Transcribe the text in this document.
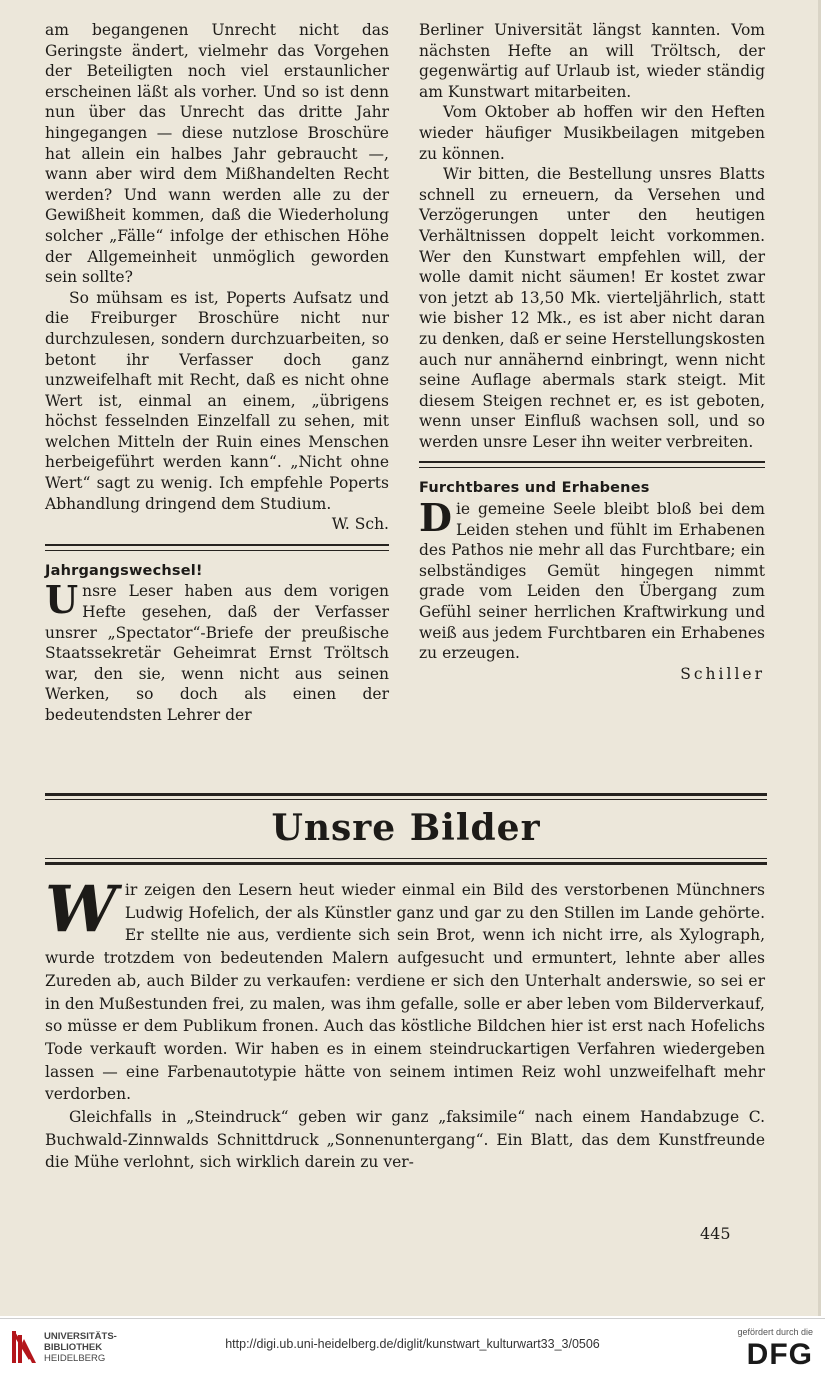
am begangenen Unrecht nicht das Geringste ändert, vielmehr das Vorgehen der Beteiligten noch viel erstaunlicher erscheinen läßt als vorher. Und so ist denn nun über das Unrecht das dritte Jahr hingegangen — diese nutzlose Broschüre hat allein ein halbes Jahr gebraucht —, wann aber wird dem Mißhandelten Recht werden? Und wann werden alle zu der Gewißheit kommen, daß die Wiederholung solcher „Fälle“ infolge der ethischen Höhe der Allgemeinheit unmöglich geworden sein sollte?

So mühsam es ist, Poperts Aufsatz und die Freiburger Broschüre nicht nur durchzulesen, sondern durchzuarbeiten, so betont ihr Verfasser doch ganz unzweifelhaft mit Recht, daß es nicht ohne Wert ist, einmal an einem, „übrigens höchst fesselnden Einzelfall zu sehen, mit welchen Mitteln der Ruin eines Menschen herbeigeführt werden kann“. „Nicht ohne Wert“ sagt zu wenig. Ich empfehle Poperts Abhandlung dringend dem Studium.

W. Sch.

Jahrgangswechsel!

Unsre Leser haben aus dem vorigen Hefte gesehen, daß der Verfasser unsrer „Spectator“-Briefe der preußische Staatssekretär Geheimrat Ernst Tröltsch war, den sie, wenn nicht aus seinen Werken, so doch als einen der bedeutendsten Lehrer der

Berliner Universität längst kannten. Vom nächsten Hefte an will Tröltsch, der gegenwärtig auf Urlaub ist, wieder ständig am Kunstwart mitarbeiten.

Vom Oktober ab hoffen wir den Heften wieder häufiger Musikbeilagen mitgeben zu können.

Wir bitten, die Bestellung unsres Blatts schnell zu erneuern, da Versehen und Verzögerungen unter den heutigen Verhältnissen doppelt leicht vorkommen. Wer den Kunstwart empfehlen will, der wolle damit nicht säumen! Er kostet zwar von jetzt ab 13,50 Mk. vierteljährlich, statt wie bisher 12 Mk., es ist aber nicht daran zu denken, daß er seine Herstellungskosten auch nur annähernd einbringt, wenn nicht seine Auflage abermals stark steigt. Mit diesem Steigen rechnet er, es ist geboten, wenn unser Einfluß wachsen soll, und so werden unsre Leser ihn weiter verbreiten.

Furchtbares und Erhabenes

Die gemeine Seele bleibt bloß bei dem Leiden stehen und fühlt im Erhabenen des Pathos nie mehr all das Furchtbare; ein selbständiges Gemüt hingegen nimmt grade vom Leiden den Übergang zum Gefühl seiner herrlichen Kraftwirkung und weiß aus jedem Furchtbaren ein Erhabenes zu erzeugen.

Schiller

Unsre Bilder

Wir zeigen den Lesern heut wieder einmal ein Bild des verstorbenen Münchners Ludwig Hofelich, der als Künstler ganz und gar zu den Stillen im Lande gehörte. Er stellte nie aus, verdiente sich sein Brot, wenn ich nicht irre, als Xylograph, wurde trotzdem von bedeutenden Malern aufgesucht und ermuntert, lehnte aber alles Zureden ab, auch Bilder zu verkaufen: verdiene er sich den Unterhalt anderswie, so sei er in den Mußestunden frei, zu malen, was ihm gefalle, solle er aber leben vom Bilderverkauf, so müsse er dem Publikum fronen. Auch das köstliche Bildchen hier ist erst nach Hofelichs Tode verkauft worden. Wir haben es in einem steindruckartigen Verfahren wiedergeben lassen — eine Farbenautotypie hätte von seinem intimen Reiz wohl unzweifelhaft mehr verdorben.

Gleichfalls in „Steindruck“ geben wir ganz „faksimile“ nach einem Handabzuge C. Buchwald-Zinnwalds Schnittdruck „Sonnenuntergang“. Ein Blatt, das dem Kunstfreunde die Mühe verlohnt, sich wirklich darein zu ver-

445
UNIVERSITÄTS-
BIBLIOTHEK
HEIDELBERG
http://digi.ub.uni-heidelberg.de/diglit/kunstwart_kulturwart33_3/0506
gefördert durch die
DFG
